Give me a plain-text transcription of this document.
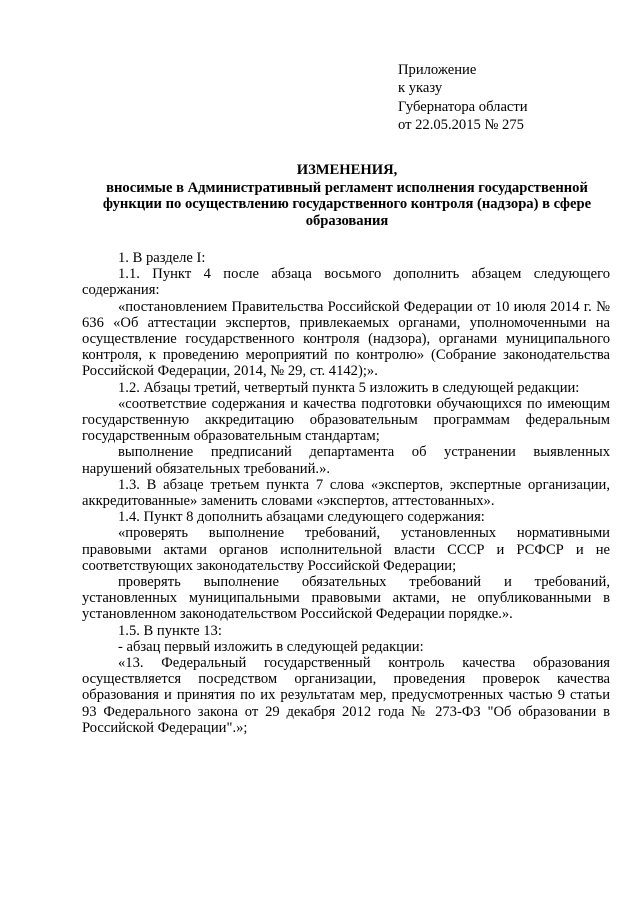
Приложение
к указу
Губернатора области
от 22.05.2015 № 275
ИЗМЕНЕНИЯ,
вносимые в Административный регламент исполнения государственной функции по осуществлению государственного контроля (надзора) в сфере образования

1. В разделе I:

1.1. Пункт 4 после абзаца восьмого дополнить абзацем следующего содержания:

«постановлением Правительства Российской Федерации от 10 июля 2014 г. № 636 «Об аттестации экспертов, привлекаемых органами, уполномоченными на осуществление государственного контроля (надзора), органами муниципального контроля, к проведению мероприятий по контролю» (Собрание законодательства Российской Федерации, 2014, № 29, ст. 4142);».

1.2. Абзацы третий, четвертый пункта 5 изложить в следующей редакции:

«соответствие содержания и качества подготовки обучающихся по имеющим государственную аккредитацию образовательным программам федеральным государственным образовательным стандартам;

выполнение предписаний департамента об устранении выявленных нарушений обязательных требований.».

1.3. В абзаце третьем пункта 7 слова «экспертов, экспертные организации, аккредитованные» заменить словами «экспертов, аттестованных».

1.4. Пункт 8 дополнить абзацами следующего содержания:

«проверять выполнение требований, установленных нормативными правовыми актами органов исполнительной власти СССР и РСФСР и не соответствующих законодательству Российской Федерации;

проверять выполнение обязательных требований и требований, установленных муниципальными правовыми актами, не опубликованными в установленном законодательством Российской Федерации порядке.».

1.5. В пункте 13:

- абзац первый изложить в следующей редакции:

«13. Федеральный государственный контроль качества образования осуществляется посредством организации, проведения проверок качества образования и принятия по их результатам мер, предусмотренных частью 9 статьи 93 Федерального закона от 29 декабря 2012 года № 273-ФЗ "Об образовании в Российской Федерации".»;
